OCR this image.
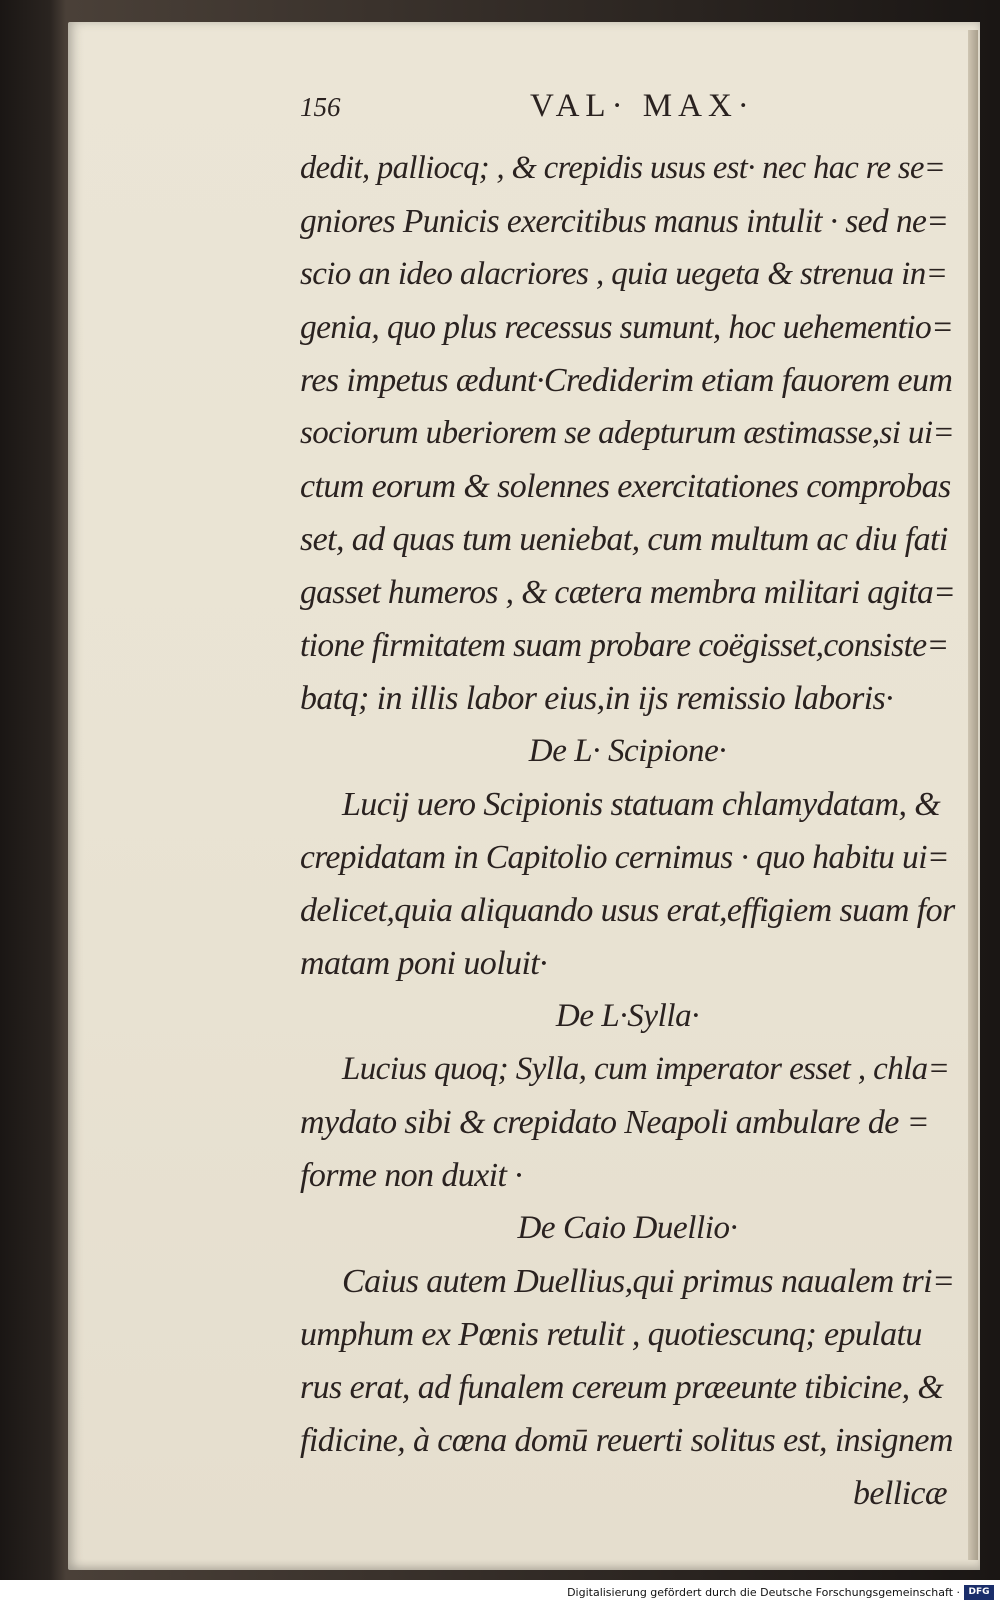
156	VAL· MAX·
dedit, palliocq; , & crepidis usus est· nec hac re se=
gniores Punicis exercitibus manus intulit · sed ne=
scio an ideo alacriores , quia uegeta & strenua in=
genia, quo plus recessus sumunt, hoc uehementio=
res impetus ædunt·Crediderim etiam fauorem eum
sociorum uberiorem se adepturum æstimasse,si ui=
ctum eorum & solennes exercitationes comprobas
set, ad quas tum ueniebat, cum multum ac diu fati
gasset humeros , & cætera membra militari agita=
tione firmitatem suam probare coëgisset,consiste=
batq; in illis labor eius,in ijs remissio laboris·
De L· Scipione·
Lucij uero Scipionis statuam chlamydatam, &
crepidatam in Capitolio cernimus · quo habitu ui=
delicet,quia aliquando usus erat,effigiem suam for
matam poni uoluit·
De L·Sylla·
Lucius quoq; Sylla, cum imperator esset , chla=
mydato sibi & crepidato Neapoli ambulare de =
forme non duxit ·
De Caio Duellio·
Caius autem Duellius,qui primus naualem tri=
umphum ex Pœnis retulit , quotiescunq; epulatu
rus erat, ad funalem cereum præeunte tibicine, &
fidicine, à cœna domū reuerti solitus est, insignem
bellicæ
Digitalisierung gefördert durch die Deutsche Forschungsgemeinschaft · DFG
